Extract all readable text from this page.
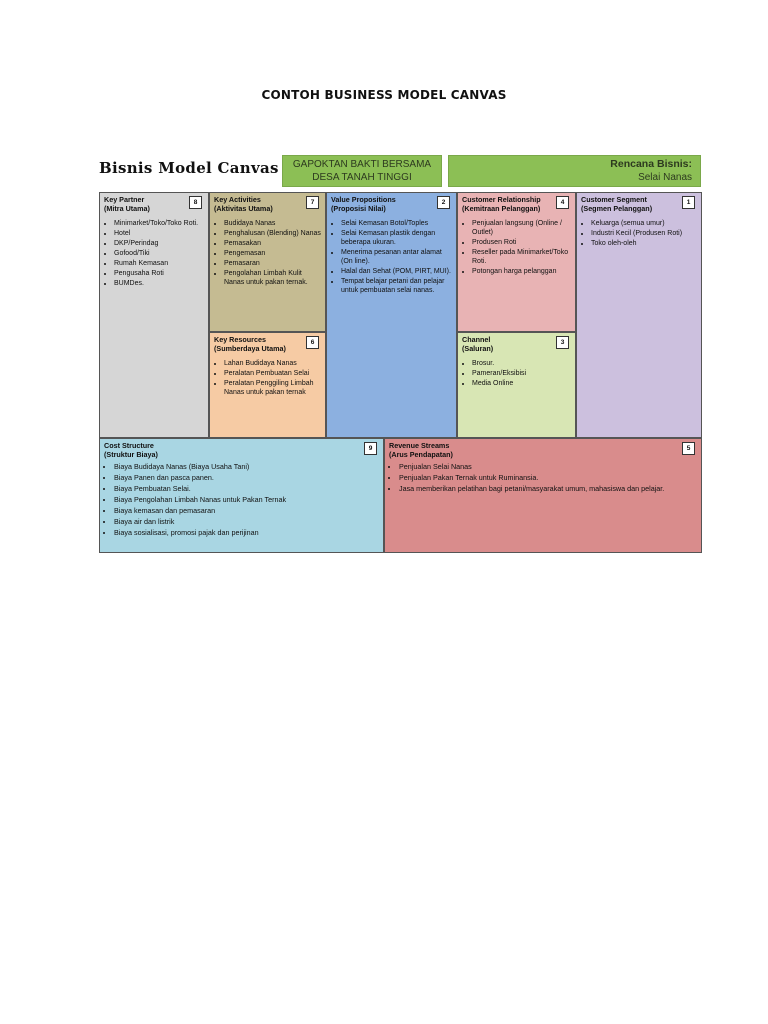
CONTOH BUSINESS MODEL CANVAS
Bisnis Model Canvas	GAPOKTAN BAKTI BERSAMA
DESA TANAH TINGGI
Rencana Bisnis:
Selai Nanas
Key Partner
(Mitra Utama)
8
• Minimarket/Toko/Toko Roti.
• Hotel
• DKP/Perindag
• Gofood/Tiki
• Rumah Kemasan
• Pengusaha Roti
• BUMDes.
Key Activities
(Aktivitas Utama)
7
• Budidaya Nanas
• Penghalusan (Blending) Nanas
• Pemasakan
• Pengemasan
• Pemasaran
• Pengolahan Limbah Kulit Nanas untuk pakan ternak.
Key Resources
(Sumberdaya Utama)
6
• Lahan Budidaya Nanas
• Peralatan Pembuatan Selai
• Peralatan Penggiling Limbah Nanas untuk pakan ternak
Value Propositions
(Proposisi Nilai)
2
• Selai Kemasan Botol/Toples
• Selai Kemasan plastik dengan beberapa ukuran.
• Menerima pesanan antar alamat (On line).
• Halal dan Sehat (POM, PIRT, MUI).
• Tempat belajar petani dan pelajar untuk pembuatan selai nanas.
Customer Relationship
(Kemitraan Pelanggan)
4
• Penjualan langsung (Online / Outlet)
• Produsen Roti
• Reseller pada Minimarket/Toko Roti.
• Potongan harga pelanggan
Channel
(Saluran)
3
• Brosur.
• Pameran/Eksibisi
• Media Online
Customer Segment
(Segmen Pelanggan)
1
• Keluarga (semua umur)
• Industri Kecil (Produsen Roti)
• Toko oleh-oleh
Cost Structure
(Struktur Biaya)
9
• Biaya Budidaya Nanas (Biaya Usaha Tani)
• Biaya Panen dan pasca panen.
• Biaya Pembuatan Selai.
• Biaya Pengolahan Limbah Nanas untuk Pakan Ternak
• Biaya kemasan dan pemasaran
• Biaya air dan listrik
• Biaya sosialisasi, promosi pajak dan perijinan
Revenue Streams
(Arus Pendapatan)
5
• Penjualan Selai Nanas
• Penjualan Pakan Ternak untuk Ruminansia.
• Jasa memberikan pelatihan bagi petani/masyarakat umum, mahasiswa dan pelajar.
